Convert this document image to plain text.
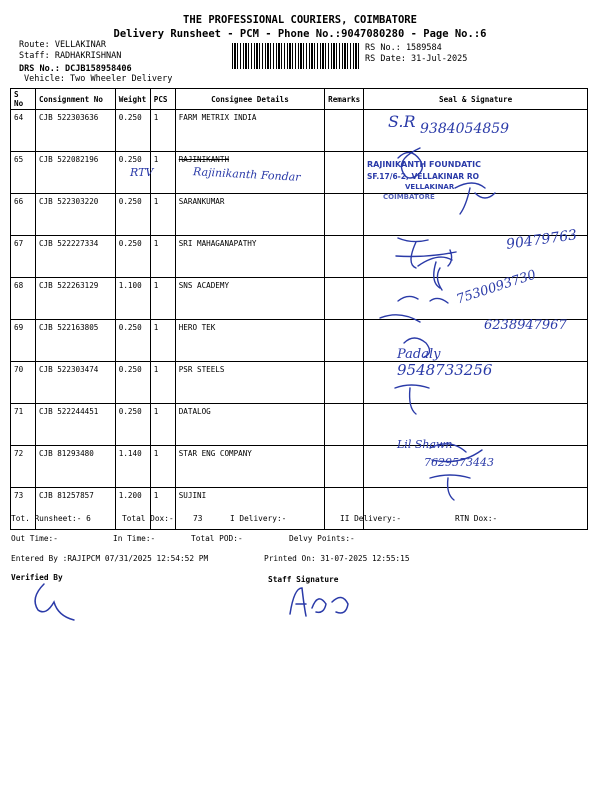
THE PROFESSIONAL COURIERS, COIMBATORE
Delivery Runsheet - PCM - Phone No.:9047080280 - Page No.:6
Route: VELLAKINAR
Staff: RADHAKRISHNAN
DRS No.: DCJB158958406
Vehicle: Two Wheeler Delivery
RS No.: 1589584
RS Date: 31-Jul-2025
S No	Consignment No	Weight	PCS	Consignee Details	Remarks	Seal & Signature
64	CJB 522303636	0.250	1	FARM METRIX INDIA		
65	CJB 522082196	0.250	1	RAJINIKANTH		
66	CJB 522303220	0.250	1	SARANKUMAR		
67	CJB 522227334	0.250	1	SRI MAHAGANAPATHY		
68	CJB 522263129	1.100	1	SNS ACADEMY		
69	CJB 522163805	0.250	1	HERO TEK		
70	CJB 522303474	0.250	1	PSR STEELS		
71	CJB 522244451	0.250	1	DATALOG		
72	CJB 81293480	1.140	1	STAR ENG COMPANY		
73	CJB 81257857	1.200	1	SUJINI		
S.R 9384054859
RAJINIKANTH FOUNDATIC
SF.17/6-2, VELLAKINAR RO
VELLAKINAR
COIMBATORE
RTV	Rajinikanth Fondar
90479763
7530093730
6238947967
Padaly
9548733256
Lil Shawn
7629573443
Tot. Runsheet:- 6	Total Dox:- 73	I Delivery:-	II Delivery:-	RTN Dox:-
Out Time:-	In Time:-	Total POD:-	Delvy Points:-
Entered By :RAJIPCM 07/31/2025 12:54:52 PM	Printed On: 31-07-2025 12:55:15
Verified By	Staff Signature
